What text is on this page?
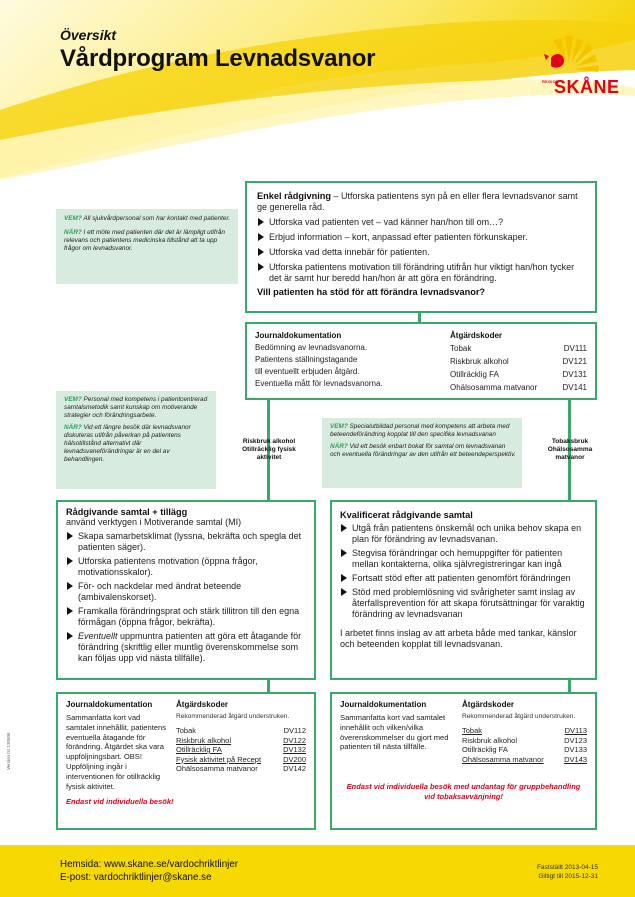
Översikt
Vårdprogram Levnadsvanor
REGION
SKÅNE

VEM? All sjukvårdpersonal som har kontakt med patienter.

NÄR? I ett möte med patienten där det är lämpligt utifrån relevans och patientens medicinska tillstånd att ta upp frågor om levnadsvanor.

Enkel rådgivning – Utforska patientens syn på en eller flera levnadsvanor samt ge generella råd.
Utforska vad patienten vet – vad känner han/hon till om…?
Erbjud information – kort, anpassad efter patienten förkunskaper.
Utforska vad detta innebär för patienten.
Utforska patientens motivation till förändring utifrån hur viktigt han/hon tycker det är samt hur beredd han/hon är att göra en förändring.
Vill patienten ha stöd för att förändra levnadsvanor?
Journaldokumentation
Bedömning av levnadsvanorna.
Patientens ställningstagande
till eventuellt erbjuden åtgärd.
Eventuella mått för levnadsvanorna.
Åtgärdskoder
Tobak	DV111
Riskbruk alkohol	DV121
Otillräcklig FA	DV131
Ohälsosamma matvanor	DV141
Riskbruk alkohol Otillräcklig fysisk aktivitet
Tobaksbruk Ohälsosamma matvanor

VEM? Personal med kompetens i patientcentrerad samtalsmetodik samt kunskap om motiverande strategier och förändringsarbete.

NÄR? Vid ett längre besök där levnadsvanor diskuteras utifrån påverkan på patientens hälsotillstånd alternativt där levnadsvaneförändringar är en del av behandlingen.

VEM? Specialutbildad personal med kompetens att arbeta med beteendeförändring kopplat till den specifika levnadsvanan

NÄR? Vid ett besök enbart bokat för samtal om levnadsvanan och eventuella förändringar av den utifrån ett beteendeperspektiv.

Rådgivande samtal + tillägg
använd verktygen i Motiverande samtal (MI)
Skapa samarbetsklimat (lyssna, bekräfta och spegla det patienten säger).
Utforska patientens motivation (öppna frågor, motivationsskalor).
För- och nackdelar med ändrat beteende (ambivalenskorset).
Framkalla förändringsprat och stärk tillitron till den egna förmågan (öppna frågor, bekräfta).
Eventuellt uppmuntra patienten att göra ett åtagande för förändring (skriftlig eller muntlig överenskommelse som kan följas upp vid nästa tillfälle).
Kvalificerat rådgivande samtal
Utgå från patientens önskemål och unika behov skapa en plan för förändring av levnadsvanan.
Stegvisa förändringar och hemuppgifter för patienten mellan kontakterna, olika självregistreringar kan ingå
Fortsatt stöd efter att patienten genomfört förändringen
Stöd med problemlösning vid svårigheter samt inslag av återfallsprevention för att skapa förutsättningar för varaktig förändring av levnadsvanan
I arbetet finns inslag av att arbeta både med tankar, känslor och beteenden kopplat till levnadsvanan.
Journaldokumentation
Sammanfatta kort vad samtalet innehållit, patientens eventuella åtagande för förändring. Åtgärdet ska vara uppföljningsbart. OBS! Uppföljning ingår i interventionen för otillräcklig fysisk aktivitet.
Åtgärdskoder
Rekommenderad åtgärd understruken.
Tobak	DV112
Riskbruk alkohol	DV122
Otillräcklig FA	DV132
Fysisk aktivitet på Recept	DV200
Ohälsosamma matvanor	DV142
Endast vid individuella besök!
Journaldokumentation
Sammanfatta kort vad samtalet innehållit och vilken/vilka överenskommelser du gjort med patienten till nästa tillfälle.
Åtgärdskoder
Rekommenderad åtgärd understruken.
Tobak	DV113
Riskbruk alkohol	DV123
Otillräcklig FA	DV133
Ohälsosamma matvanor	DV143
Endast vid individuella besök med undantag för gruppbehandling vid tobaksavvänjning!
Version 01 130506
Hemsida: www.skane.se/vardochriktlinjer
E-post: vardochriktlinjer@skane.se
Fastställt 2013-04-15
Giltigt till 2015-12-31
